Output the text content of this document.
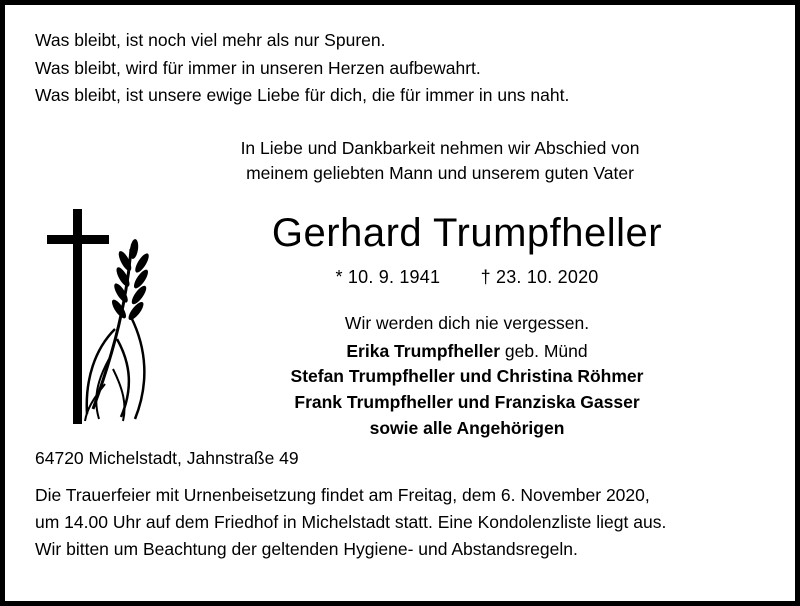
Was bleibt, ist noch viel mehr als nur Spuren.
Was bleibt, wird für immer in unseren Herzen aufbewahrt.
Was bleibt, ist unsere ewige Liebe für dich, die für immer in uns naht.
In Liebe und Dankbarkeit nehmen wir Abschied von
meinem geliebten Mann und unserem guten Vater
Gerhard Trumpfheller
* 10. 9. 1941 † 23. 10. 2020
Wir werden dich nie vergessen.
Erika Trumpfheller geb. Münd
Stefan Trumpfheller und Christina Röhmer
Frank Trumpfheller und Franziska Gasser
sowie alle Angehörigen
64720 Michelstadt, Jahnstraße 49
Die Trauerfeier mit Urnenbeisetzung findet am Freitag, dem 6. November 2020,
um 14.00 Uhr auf dem Friedhof in Michelstadt statt. Eine Kondolenzliste liegt aus.
Wir bitten um Beachtung der geltenden Hygiene- und Abstandsregeln.
